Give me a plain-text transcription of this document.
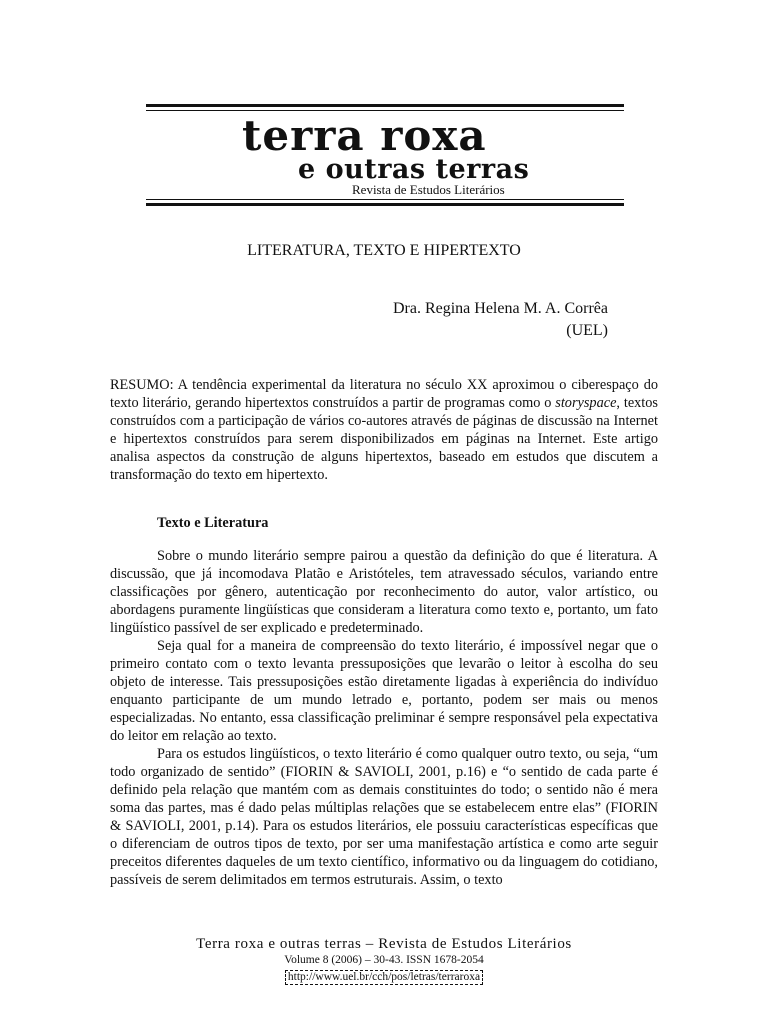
terra roxa
e outras terras
Revista de Estudos Literários
LITERATURA, TEXTO E HIPERTEXTO
Dra. Regina Helena M. A. Corrêa
(UEL)
RESUMO: A tendência experimental da literatura no século XX aproximou o ciberespaço do texto literário, gerando hipertextos construídos a partir de programas como o storyspace, textos construídos com a participação de vários co-autores através de páginas de discussão na Internet e hipertextos construídos para serem disponibilizados em páginas na Internet. Este artigo analisa aspectos da construção de alguns hipertextos, baseado em estudos que discutem a transformação do texto em hipertexto.
Texto e Literatura

Sobre o mundo literário sempre pairou a questão da definição do que é literatura. A discussão, que já incomodava Platão e Aristóteles, tem atravessado séculos, variando entre classificações por gênero, autenticação por reconhecimento do autor, valor artístico, ou abordagens puramente lingüísticas que consideram a literatura como texto e, portanto, um fato lingüístico passível de ser explicado e predeterminado.

Seja qual for a maneira de compreensão do texto literário, é impossível negar que o primeiro contato com o texto levanta pressuposições que levarão o leitor à escolha do seu objeto de interesse. Tais pressuposições estão diretamente ligadas à experiência do indivíduo enquanto participante de um mundo letrado e, portanto, podem ser mais ou menos especializadas. No entanto, essa classificação preliminar é sempre responsável pela expectativa do leitor em relação ao texto.

Para os estudos lingüísticos, o texto literário é como qualquer outro texto, ou seja, “um todo organizado de sentido” (FIORIN & SAVIOLI, 2001, p.16) e “o sentido de cada parte é definido pela relação que mantém com as demais constituintes do todo; o sentido não é mera soma das partes, mas é dado pelas múltiplas relações que se estabelecem entre elas” (FIORIN & SAVIOLI, 2001, p.14). Para os estudos literários, ele possuiu características específicas que o diferenciam de outros tipos de texto, por ser uma manifestação artística e como arte seguir preceitos diferentes daqueles de um texto científico, informativo ou da linguagem do cotidiano, passíveis de serem delimitados em termos estruturais. Assim, o texto

Terra roxa e outras terras – Revista de Estudos Literários
Volume 8 (2006) – 30-43. ISSN 1678-2054
http://www.uel.br/cch/pos/letras/terraroxa
